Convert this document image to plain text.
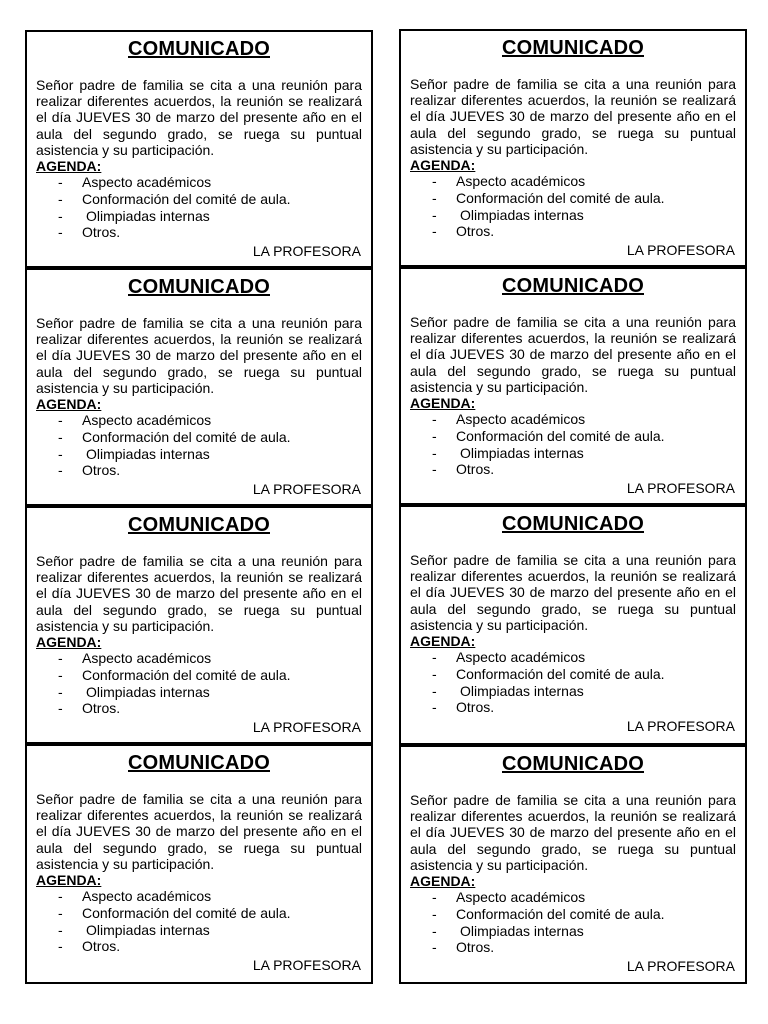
COMUNICADO
Señor padre de familia se cita a una reunión para realizar diferentes acuerdos, la reunión se realizará el día JUEVES 30 de marzo del presente año en el aula del segundo grado, se ruega su puntual asistencia y su participación.
AGENDA:
-	Aspecto académicos
-	Conformación del comité de aula.
-	Olimpiadas internas
-	Otros.
LA PROFESORA
COMUNICADO
Señor padre de familia se cita a una reunión para realizar diferentes acuerdos, la reunión se realizará el día JUEVES 30 de marzo del presente año en el aula del segundo grado, se ruega su puntual asistencia y su participación.
AGENDA:
-	Aspecto académicos
-	Conformación del comité de aula.
-	Olimpiadas internas
-	Otros.
LA PROFESORA
COMUNICADO
Señor padre de familia se cita a una reunión para realizar diferentes acuerdos, la reunión se realizará el día JUEVES 30 de marzo del presente año en el aula del segundo grado, se ruega su puntual asistencia y su participación.
AGENDA:
-	Aspecto académicos
-	Conformación del comité de aula.
-	Olimpiadas internas
-	Otros.
LA PROFESORA
COMUNICADO
Señor padre de familia se cita a una reunión para realizar diferentes acuerdos, la reunión se realizará el día JUEVES 30 de marzo del presente año en el aula del segundo grado, se ruega su puntual asistencia y su participación.
AGENDA:
-	Aspecto académicos
-	Conformación del comité de aula.
-	Olimpiadas internas
-	Otros.
LA PROFESORA
COMUNICADO
Señor padre de familia se cita a una reunión para realizar diferentes acuerdos, la reunión se realizará el día JUEVES 30 de marzo del presente año en el aula del segundo grado, se ruega su puntual asistencia y su participación.
AGENDA:
-	Aspecto académicos
-	Conformación del comité de aula.
-	Olimpiadas internas
-	Otros.
LA PROFESORA
COMUNICADO
Señor padre de familia se cita a una reunión para realizar diferentes acuerdos, la reunión se realizará el día JUEVES 30 de marzo del presente año en el aula del segundo grado, se ruega su puntual asistencia y su participación.
AGENDA:
-	Aspecto académicos
-	Conformación del comité de aula.
-	Olimpiadas internas
-	Otros.
LA PROFESORA
COMUNICADO
Señor padre de familia se cita a una reunión para realizar diferentes acuerdos, la reunión se realizará el día JUEVES 30 de marzo del presente año en el aula del segundo grado, se ruega su puntual asistencia y su participación.
AGENDA:
-	Aspecto académicos
-	Conformación del comité de aula.
-	Olimpiadas internas
-	Otros.
LA PROFESORA
COMUNICADO
Señor padre de familia se cita a una reunión para realizar diferentes acuerdos, la reunión se realizará el día JUEVES 30 de marzo del presente año en el aula del segundo grado, se ruega su puntual asistencia y su participación.
AGENDA:
-	Aspecto académicos
-	Conformación del comité de aula.
-	Olimpiadas internas
-	Otros.
LA PROFESORA
